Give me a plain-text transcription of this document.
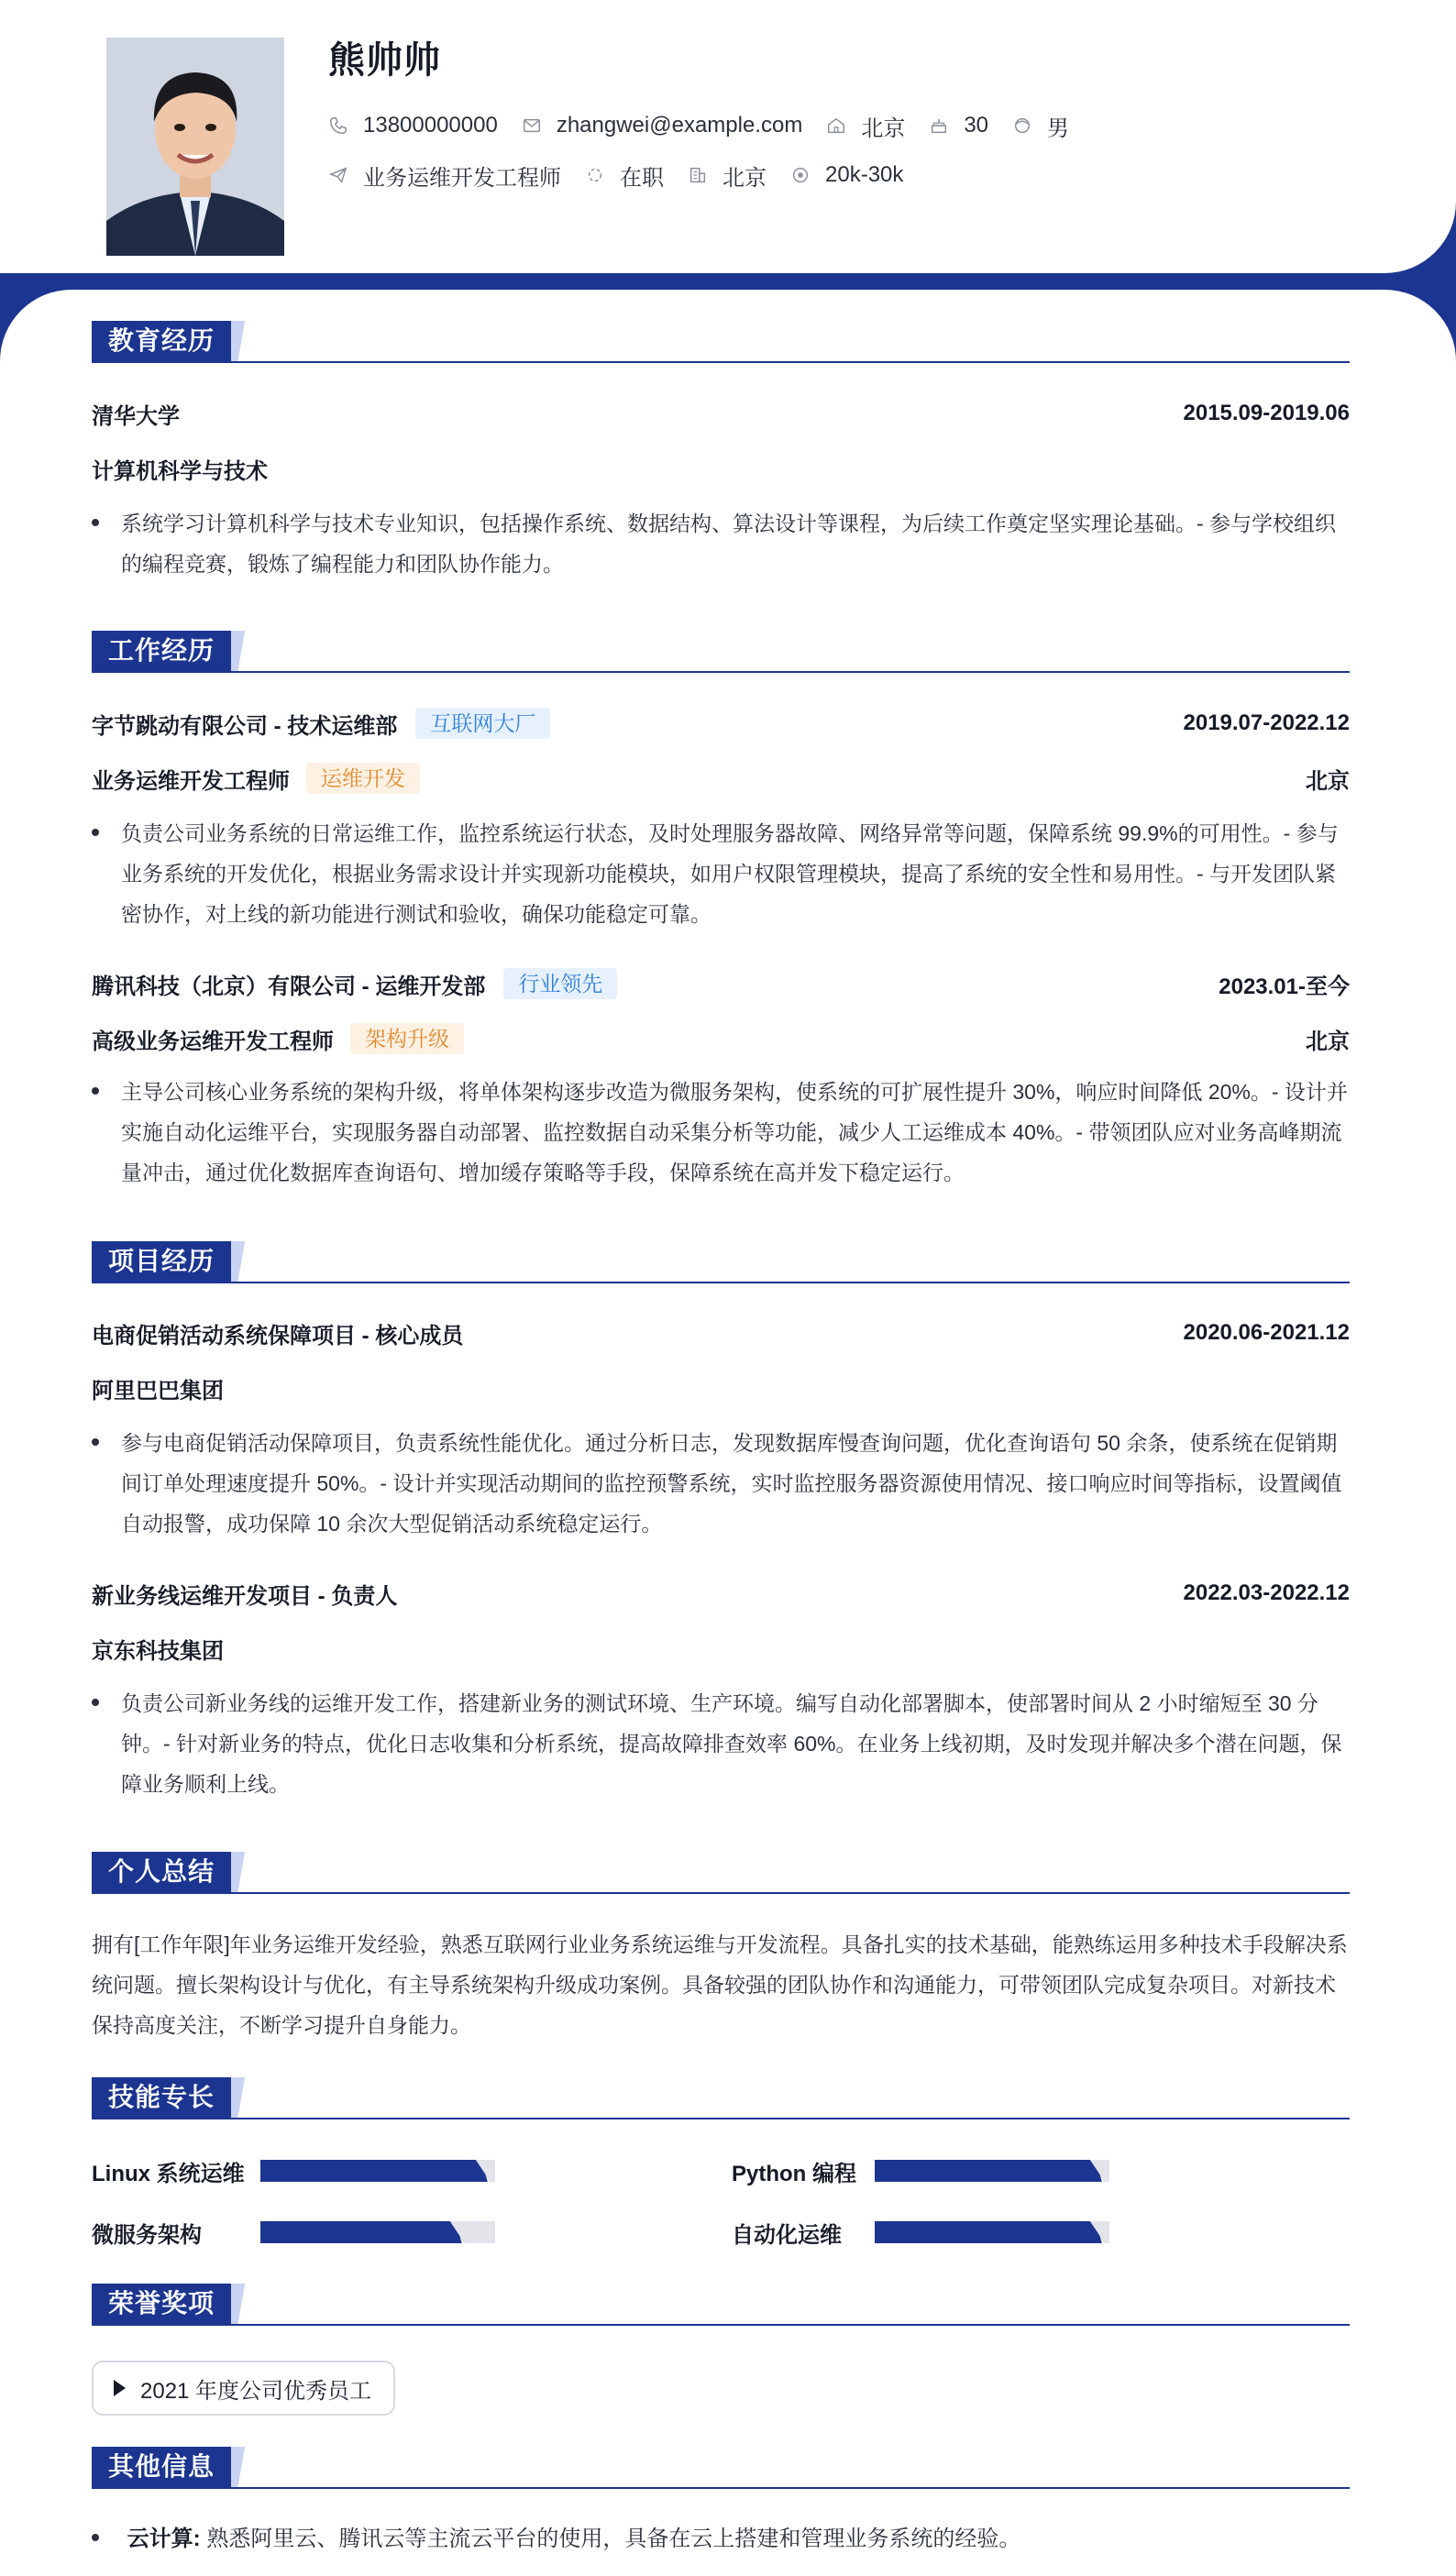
熊帅帅
13800000000	zhangwei@example.com	北京	30	男
业务运维开发工程师	在职	北京	20k-30k
教育经历
清华大学	2015.09-2019.06
计算机科学与技术
系统学习计算机科学与技术专业知识，包括操作系统、数据结构、算法设计等课程，为后续工作奠定坚实理论基础。- 参与学校组织的编程竞赛，锻炼了编程能力和团队协作能力。
工作经历
字节跳动有限公司 - 技术运维部	互联网大厂	2019.07-2022.12
业务运维开发工程师	运维开发	北京
负责公司业务系统的日常运维工作，监控系统运行状态，及时处理服务器故障、网络异常等问题，保障系统 99.9%的可用性。- 参与业务系统的开发优化，根据业务需求设计并实现新功能模块，如用户权限管理模块，提高了系统的安全性和易用性。- 与开发团队紧密协作，对上线的新功能进行测试和验收，确保功能稳定可靠。
腾讯科技（北京）有限公司 - 运维开发部	行业领先	2023.01-至今
高级业务运维开发工程师	架构升级	北京
主导公司核心业务系统的架构升级，将单体架构逐步改造为微服务架构，使系统的可扩展性提升 30%，响应时间降低 20%。- 设计并实施自动化运维平台，实现服务器自动部署、监控数据自动采集分析等功能，减少人工运维成本 40%。- 带领团队应对业务高峰期流量冲击，通过优化数据库查询语句、增加缓存策略等手段，保障系统在高并发下稳定运行。
项目经历
电商促销活动系统保障项目 - 核心成员	2020.06-2021.12
阿里巴巴集团
参与电商促销活动保障项目，负责系统性能优化。通过分析日志，发现数据库慢查询问题，优化查询语句 50 余条，使系统在促销期间订单处理速度提升 50%。- 设计并实现活动期间的监控预警系统，实时监控服务器资源使用情况、接口响应时间等指标，设置阈值自动报警，成功保障 10 余次大型促销活动系统稳定运行。
新业务线运维开发项目 - 负责人	2022.03-2022.12
京东科技集团
负责公司新业务线的运维开发工作，搭建新业务的测试环境、生产环境。编写自动化部署脚本，使部署时间从 2 小时缩短至 30 分钟。- 针对新业务的特点，优化日志收集和分析系统，提高故障排查效率 60%。在业务上线初期，及时发现并解决多个潜在问题，保障业务顺利上线。
个人总结
拥有[工作年限]年业务运维开发经验，熟悉互联网行业业务系统运维与开发流程。具备扎实的技术基础，能熟练运用多种技术手段解决系统问题。擅长架构设计与优化，有主导系统架构升级成功案例。具备较强的团队协作和沟通能力，可带领团队完成复杂项目。对新技术保持高度关注，不断学习提升自身能力。
技能专长
Linux 系统运维	Python 编程
微服务架构	自动化运维
荣誉奖项
2021 年度公司优秀员工
其他信息
云计算: 熟悉阿里云、腾讯云等主流云平台的使用，具备在云上搭建和管理业务系统的经验。
